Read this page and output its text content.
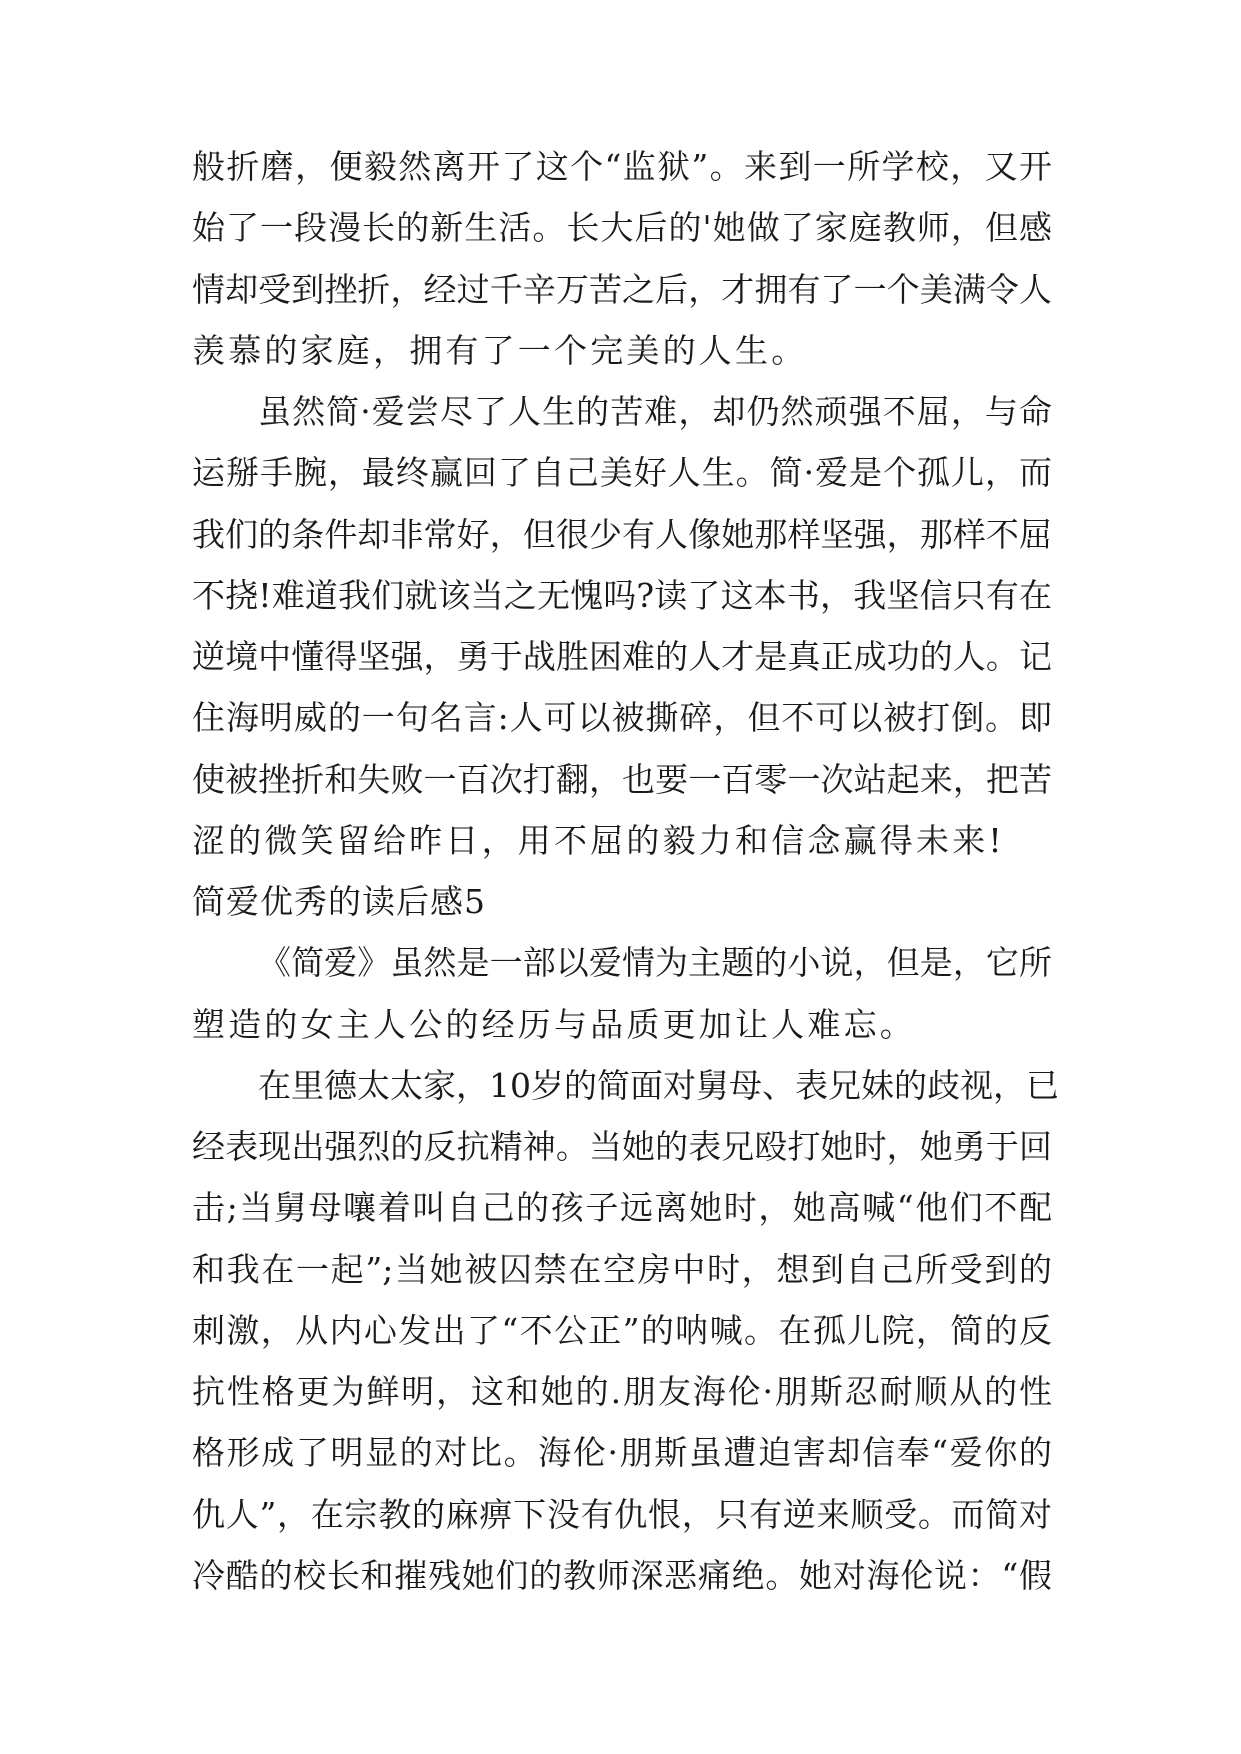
般折磨，便毅然离开了这个“监狱”。来到一所学校，又开
始了一段漫长的新生活。长大后的'她做了家庭教师，但感
情却受到挫折，经过千辛万苦之后，才拥有了一个美满令人
羡慕的家庭，拥有了一个完美的人生。
虽然简·爱尝尽了人生的苦难，却仍然顽强不屈，与命
运掰手腕，最终赢回了自己美好人生。简·爱是个孤儿，而
我们的条件却非常好，但很少有人像她那样坚强，那样不屈
不挠!难道我们就该当之无愧吗?读了这本书，我坚信只有在
逆境中懂得坚强，勇于战胜困难的人才是真正成功的人。记
住海明威的一句名言:人可以被撕碎，但不可以被打倒。即
使被挫折和失败一百次打翻，也要一百零一次站起来，把苦
涩的微笑留给昨日，用不屈的毅力和信念赢得未来!
简爱优秀的读后感5
《简爱》虽然是一部以爱情为主题的小说，但是，它所
塑造的女主人公的经历与品质更加让人难忘。
在里德太太家，10岁的简面对舅母、表兄妹的歧视，已
经表现出强烈的反抗精神。当她的表兄殴打她时，她勇于回
击;当舅母嚷着叫自己的孩子远离她时，她高喊“他们不配
和我在一起”;当她被囚禁在空房中时，想到自己所受到的
刺激，从内心发出了“不公正”的呐喊。在孤儿院，简的反
抗性格更为鲜明，这和她的.朋友海伦·朋斯忍耐顺从的性
格形成了明显的对比。海伦·朋斯虽遭迫害却信奉“爱你的
仇人”，在宗教的麻痹下没有仇恨，只有逆来顺受。而简对
冷酷的校长和摧残她们的教师深恶痛绝。她对海伦说：“假
